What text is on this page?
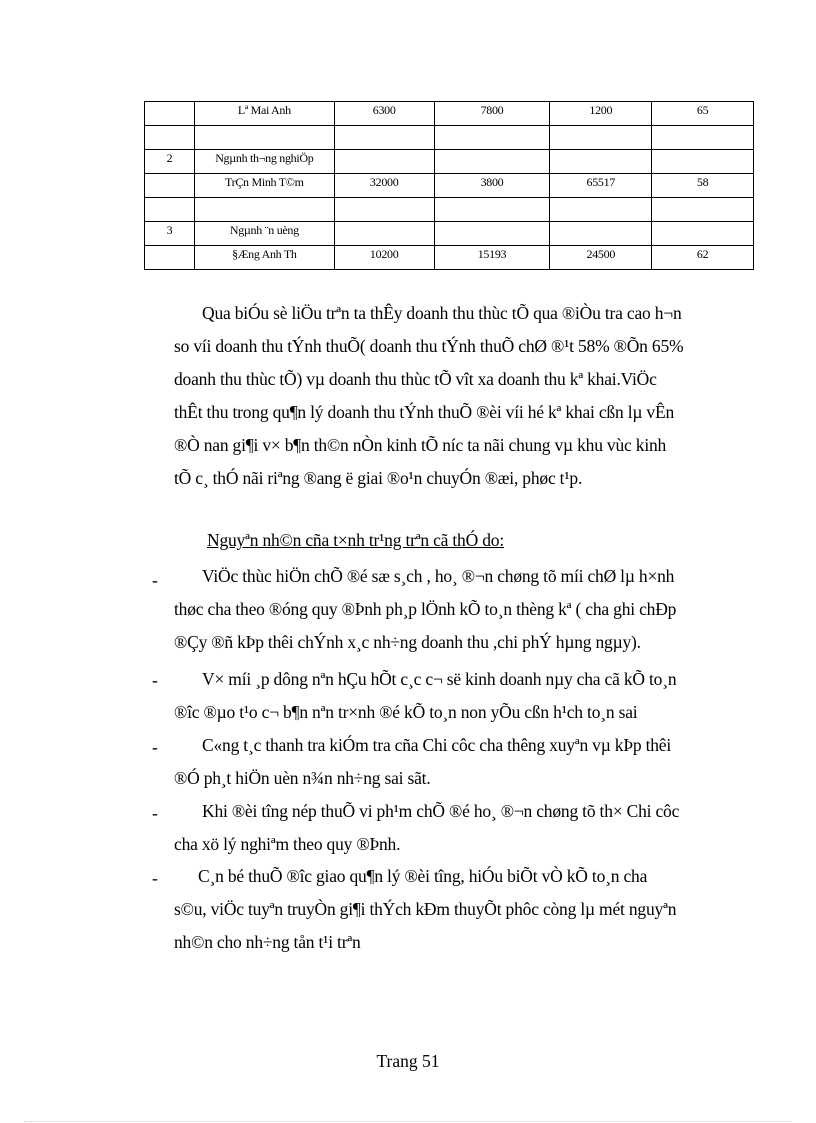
	Lª Mai Anh	6300	7800	1200	65

2	Ngµnh th¬ng nghiÖp				
	TrÇn Minh T©m	32000	3800	65517	58

3	Ngµnh ¨n uèng				
	§Æng Anh Th	10200	15193	24500	62
Qua biÓu sè liÖu trªn ta thÊy doanh thu thùc tÕ qua ®iÒu tra cao h¬n
so víi doanh thu tÝnh thuÕ( doanh thu tÝnh thuÕ chØ ®¹t 58% ®Õn 65%
doanh thu thùc tÕ) vµ doanh thu thùc tÕ vît xa doanh thu kª khai.ViÖc
thÊt thu trong qu¶n lý doanh thu tÝnh thuÕ ®èi víi hé kª khai cßn lµ vÊn
®Ò nan gi¶i v× b¶n th©n nÒn kinh tÕ níc ta nãi chung vµ khu vùc kinh
tÕ c¸ thÓ nãi riªng ®ang ë giai ®o¹n chuyÓn ®æi, phøc t¹p.
Nguyªn nh©n cña t×nh tr¹ng trªn cã thÓ do:
-	ViÖc thùc hiÖn chÕ ®é sæ s¸ch , ho¸ ®¬n chøng tõ míi chØ lµ h×nh
thøc cha theo ®óng quy ®Þnh ph¸p lÖnh kÕ to¸n thèng kª ( cha ghi chÐp
®Çy ®ñ kÞp thêi chÝnh x¸c nh÷ng doanh thu ,chi phÝ hµng ngµy).
-	V× míi ¸p dông nªn hÇu hÕt c¸c c¬ së kinh doanh nµy cha cã kÕ to¸n
®îc ®µo t¹o c¬ b¶n nªn tr×nh ®é kÕ to¸n non yÕu cßn h¹ch to¸n sai
-	C«ng t¸c thanh tra kiÓm tra cña Chi côc cha thêng xuyªn vµ kÞp thêi
®Ó ph¸t hiÖn uèn n¾n nh÷ng sai sãt.
-	Khi ®èi tîng nép thuÕ vi ph¹m chÕ ®é ho¸ ®¬n chøng tõ th× Chi côc
cha xö lý nghiªm theo quy ®Þnh.
-	C¸n bé thuÕ ®îc giao qu¶n lý ®èi tîng, hiÓu biÕt vÒ kÕ to¸n cha
s©u, viÖc tuyªn truyÒn gi¶i thÝch kÐm thuyÕt phôc còng lµ mét nguyªn
nh©n cho nh÷ng tån t¹i trªn
Trang 51
